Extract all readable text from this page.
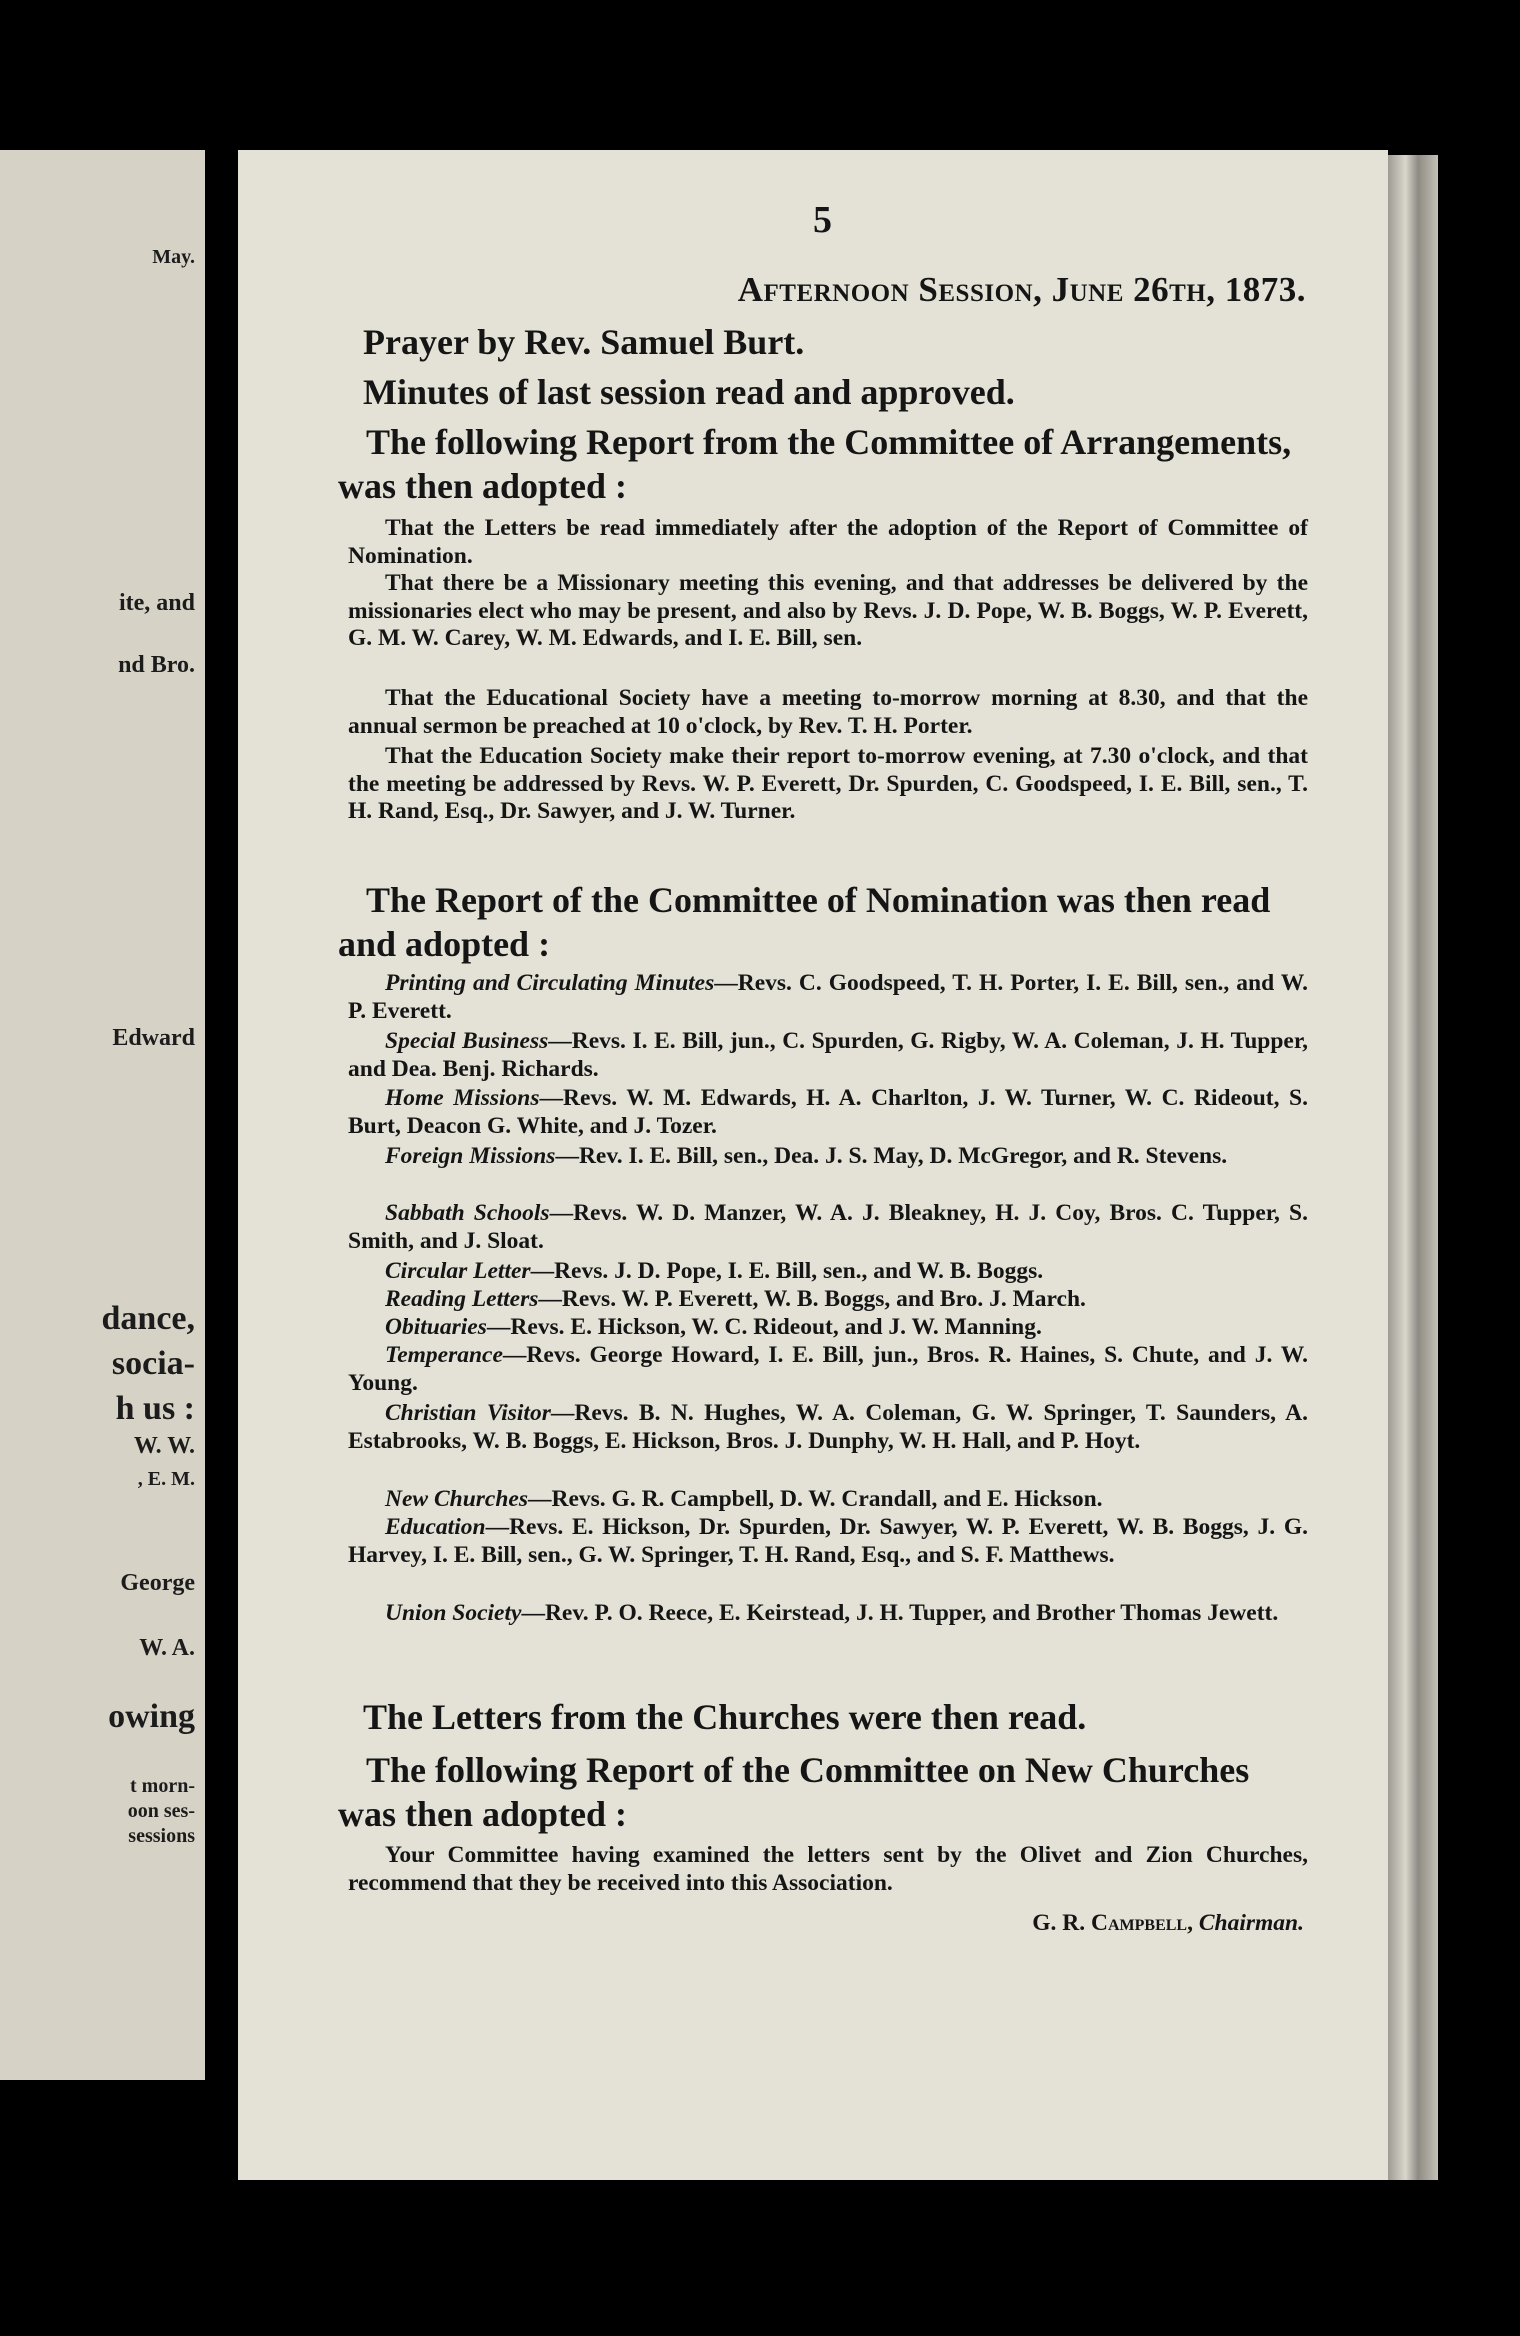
May.
ite, and
nd Bro.
Edward
dance,
socia-
h us :
W. W.
, E. M.
George
W. A.
owing
t morn-
oon ses-
sessions
5
Afternoon Session, June 26th, 1873.
Prayer by Rev. Samuel Burt.
Minutes of last session read and approved.
The following Report from the Committee of Arrangements, was then adopted :
That the Letters be read immediately after the adoption of the Report of Committee of Nomination.
That there be a Missionary meeting this evening, and that addresses be delivered by the missionaries elect who may be present, and also by Revs. J. D. Pope, W. B. Boggs, W. P. Everett, G. M. W. Carey, W. M. Edwards, and I. E. Bill, sen.
That the Educational Society have a meeting to-morrow morning at 8.30, and that the annual sermon be preached at 10 o'clock, by Rev. T. H. Porter.
That the Education Society make their report to-morrow evening, at 7.30 o'clock, and that the meeting be addressed by Revs. W. P. Everett, Dr. Spurden, C. Goodspeed, I. E. Bill, sen., T. H. Rand, Esq., Dr. Sawyer, and J. W. Turner.
The Report of the Committee of Nomination was then read and adopted :
Printing and Circulating Minutes—Revs. C. Goodspeed, T. H. Porter, I. E. Bill, sen., and W. P. Everett.
Special Business—Revs. I. E. Bill, jun., C. Spurden, G. Rigby, W. A. Coleman, J. H. Tupper, and Dea. Benj. Richards.
Home Missions—Revs. W. M. Edwards, H. A. Charlton, J. W. Turner, W. C. Rideout, S. Burt, Deacon G. White, and J. Tozer.
Foreign Missions—Rev. I. E. Bill, sen., Dea. J. S. May, D. McGregor, and R. Stevens.
Sabbath Schools—Revs. W. D. Manzer, W. A. J. Bleakney, H. J. Coy, Bros. C. Tupper, S. Smith, and J. Sloat.
Circular Letter—Revs. J. D. Pope, I. E. Bill, sen., and W. B. Boggs.
Reading Letters—Revs. W. P. Everett, W. B. Boggs, and Bro. J. March.
Obituaries—Revs. E. Hickson, W. C. Rideout, and J. W. Manning.
Temperance—Revs. George Howard, I. E. Bill, jun., Bros. R. Haines, S. Chute, and J. W. Young.
Christian Visitor—Revs. B. N. Hughes, W. A. Coleman, G. W. Springer, T. Saunders, A. Estabrooks, W. B. Boggs, E. Hickson, Bros. J. Dunphy, W. H. Hall, and P. Hoyt.
New Churches—Revs. G. R. Campbell, D. W. Crandall, and E. Hickson.
Education—Revs. E. Hickson, Dr. Spurden, Dr. Sawyer, W. P. Everett, W. B. Boggs, J. G. Harvey, I. E. Bill, sen., G. W. Springer, T. H. Rand, Esq., and S. F. Matthews.
Union Society—Rev. P. O. Reece, E. Keirstead, J. H. Tupper, and Brother Thomas Jewett.
The Letters from the Churches were then read.
The following Report of the Committee on New Churches was then adopted :
Your Committee having examined the letters sent by the Olivet and Zion Churches, recommend that they be received into this Association.
G. R. Campbell, Chairman.
